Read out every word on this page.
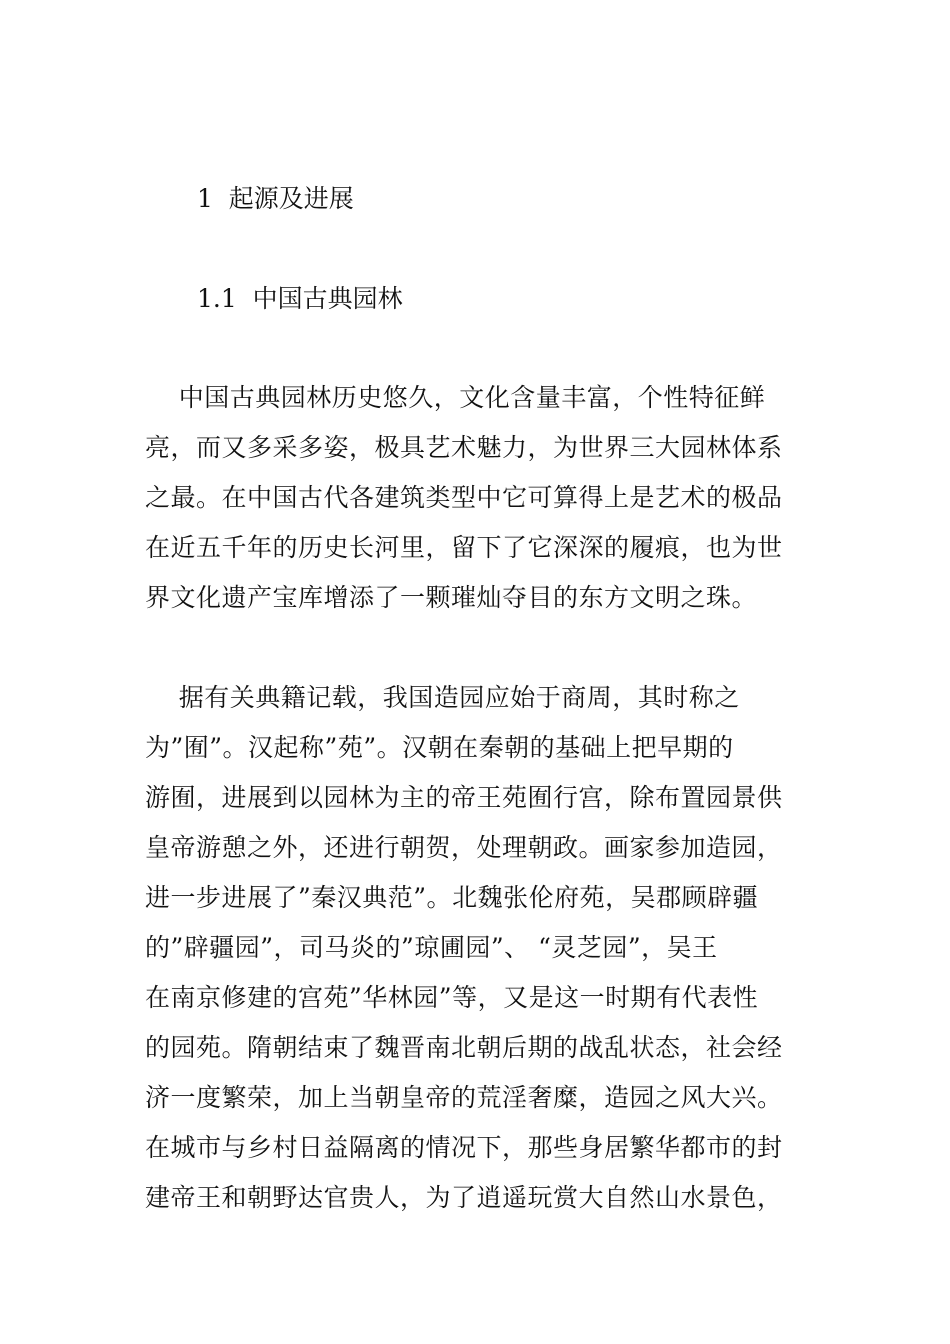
1  起源及进展
1.1  中国古典园林
中国古典园林历史悠久，文化含量丰富，个性特征鲜
亮，而又多采多姿，极具艺术魅力，为世界三大园林体系
之最。在中国古代各建筑类型中它可算得上是艺术的极品
在近五千年的历史长河里，留下了它深深的履痕，也为世
界文化遗产宝库增添了一颗璀灿夺目的东方文明之珠。
据有关典籍记载，我国造园应始于商周，其时称之
为”囿”。汉起称”苑”。汉朝在秦朝的基础上把早期的
游囿，进展到以园林为主的帝王苑囿行宫，除布置园景供
皇帝游憩之外，还进行朝贺，处理朝政。画家参加造园，
进一步进展了”秦汉典范”。北魏张伦府苑，吴郡顾辟疆
的”辟疆园”，司马炎的”琼圃园”、 “灵芝园”，吴王
在南京修建的宫苑”华林园”等，又是这一时期有代表性
的园苑。隋朝结束了魏晋南北朝后期的战乱状态，社会经
济一度繁荣，加上当朝皇帝的荒淫奢糜，造园之风大兴。
在城市与乡村日益隔离的情况下，那些身居繁华都市的封
建帝王和朝野达官贵人，为了逍遥玩赏大自然山水景色，
